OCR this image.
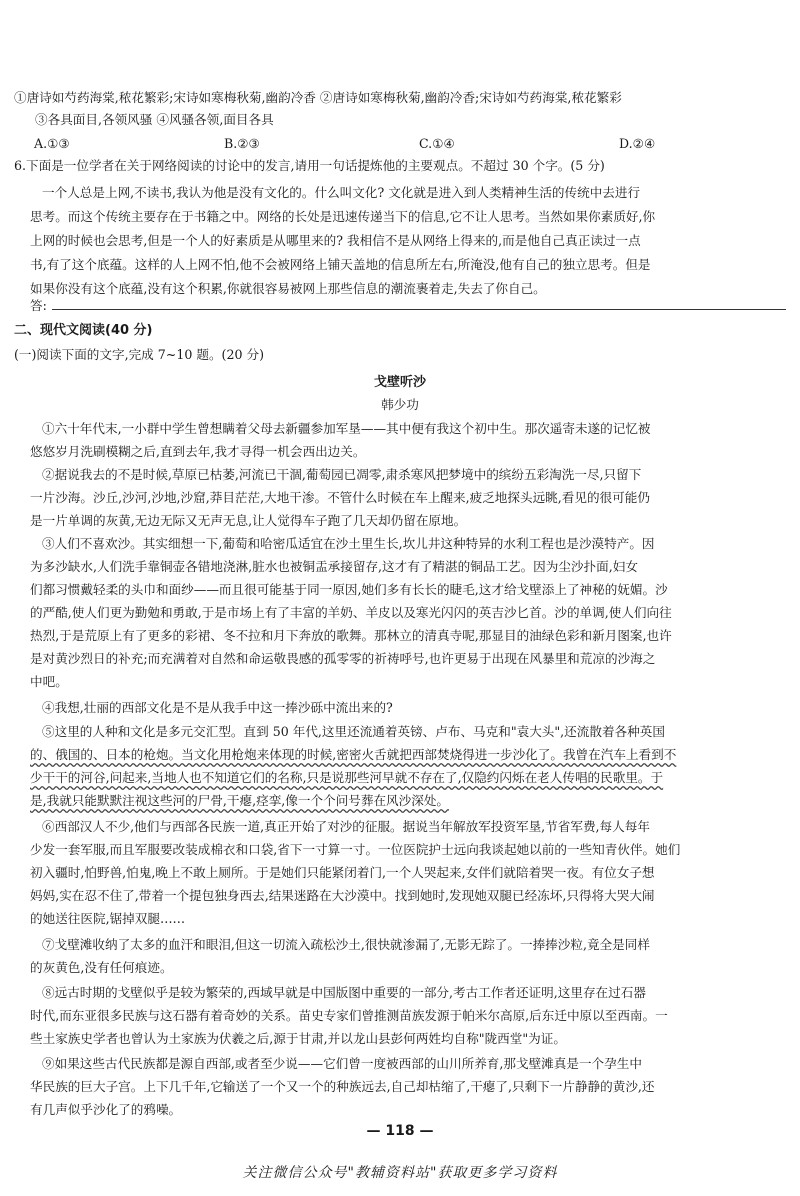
①唐诗如芍药海棠,秾花繁彩;宋诗如寒梅秋菊,幽韵冷香 ②唐诗如寒梅秋菊,幽韵冷香;宋诗如芍药海棠,秾花繁彩
③各具面目,各领风骚 ④风骚各领,面目各具
A.①③	B.②③	C.①④	D.②④
6.下面是一位学者在关于网络阅读的讨论中的发言,请用一句话提炼他的主要观点。不超过 30 个字。(5 分)
一个人总是上网,不读书,我认为他是没有文化的。什么叫文化? 文化就是进入到人类精神生活的传统中去进行
思考。而这个传统主要存在于书籍之中。网络的长处是迅速传递当下的信息,它不让人思考。当然如果你素质好,你
上网的时候也会思考,但是一个人的好素质是从哪里来的? 我相信不是从网络上得来的,而是他自己真正读过一点
书,有了这个底蕴。这样的人上网不怕,他不会被网络上铺天盖地的信息所左右,所淹没,他有自己的独立思考。但是
如果你没有这个底蕴,没有这个积累,你就很容易被网上那些信息的潮流裹着走,失去了你自己。
答:
二、现代文阅读(40 分)
(一)阅读下面的文字,完成 7~10 题。(20 分)
戈壁听沙
韩少功
①六十年代末,一小群中学生曾想瞒着父母去新疆参加军垦——其中便有我这个初中生。那次遥寄未遂的记忆被
悠悠岁月洗刷模糊之后,直到去年,我才寻得一机会西出边关。
②据说我去的不是时候,草原已枯萎,河流已干涸,葡萄园已凋零,肃杀寒风把梦境中的缤纷五彩淘洗一尽,只留下
一片沙海。沙丘,沙河,沙地,沙窟,莽目茫茫,大地干渗。不管什么时候在车上醒来,疲乏地探头远眺,看见的很可能仍
是一片单调的灰黄,无边无际又无声无息,让人觉得车子跑了几天却仍留在原地。
③人们不喜欢沙。其实细想一下,葡萄和哈密瓜适宜在沙土里生长,坎儿井这种特异的水利工程也是沙漠特产。因
为多沙缺水,人们洗手靠铜壶各错地浇淋,脏水也被铜盂承接留存,这才有了精湛的铜品工艺。因为尘沙扑面,妇女
们都习惯戴轻柔的头巾和面纱——而且很可能基于同一原因,她们多有长长的睫毛,这才给戈壁添上了神秘的妩媚。沙
的严酷,使人们更为勤勉和勇敢,于是市场上有了丰富的羊奶、羊皮以及寒光闪闪的英吉沙匕首。沙的单调,使人们向往
热烈,于是荒原上有了更多的彩裙、冬不拉和月下奔放的歌舞。那林立的清真寺呢,那显目的油绿色彩和新月图案,也许
是对黄沙烈日的补充;而充满着对自然和命运敬畏感的孤零零的祈祷呼号,也许更易于出现在风暴里和荒凉的沙海之
中吧。
④我想,壮丽的西部文化是不是从我手中这一捧沙砾中流出来的?
⑤这里的人种和文化是多元交汇型。直到 50 年代,这里还流通着英镑、卢布、马克和"袁大头",还流散着各种英国
的、俄国的、日本的枪炮。当文化用枪炮来体现的时候,密密火舌就把西部焚烧得进一步沙化了。我曾在汽车上看到不
少干干的河谷,问起来,当地人也不知道它们的名称,只是说那些河早就不存在了,仅隐约闪烁在老人传唱的民歌里。于
是,我就只能默默注视这些河的尸骨,干瘪,痉挛,像一个个问号葬在风沙深处。
⑥西部汉人不少,他们与西部各民族一道,真正开始了对沙的征服。据说当年解放军投资军垦,节省军费,每人每年
少发一套军服,而且军服要改装成棉衣和口袋,省下一寸算一寸。一位医院护士远向我谈起她以前的一些知青伙伴。她们
初入疆时,怕野兽,怕鬼,晚上不敢上厕所。于是她们只能紧闭着门,一个人哭起来,女伴们就陪着哭一夜。有位女子想
妈妈,实在忍不住了,带着一个提包独身西去,结果迷路在大沙漠中。找到她时,发现她双腿已经冻坏,只得将大哭大闹
的她送往医院,锯掉双腿……
⑦戈壁滩收纳了太多的血汗和眼泪,但这一切流入疏松沙土,很快就渗漏了,无影无踪了。一捧捧沙粒,竟全是同样
的灰黄色,没有任何痕迹。
⑧远古时期的戈壁似乎是较为繁荣的,西域早就是中国版图中重要的一部分,考古工作者还证明,这里存在过石器
时代,而东亚很多民族与这石器有着奇妙的关系。苗史专家们曾推测苗族发源于帕米尔高原,后东迁中原以至西南。一
些土家族史学者也曾认为土家族为伏羲之后,源于甘肃,并以龙山县彭何两姓均自称"陇西堂"为证。
⑨如果这些古代民族都是源自西部,或者至少说——它们曾一度被西部的山川所养育,那戈壁滩真是一个孕生中
华民族的巨大子宫。上下几千年,它输送了一个又一个的种族远去,自己却枯缩了,干瘪了,只剩下一片静静的黄沙,还
有几声似乎沙化了的鸦噪。
— 118 —
关注微信公众号"教辅资料站"获取更多学习资料
